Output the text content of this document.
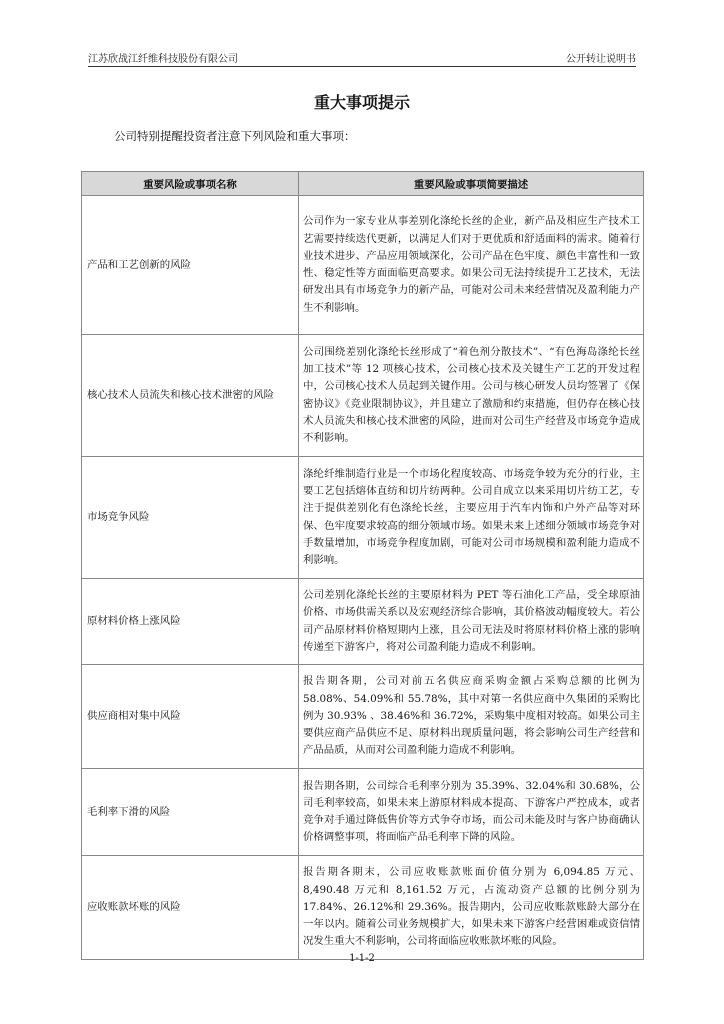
江苏欣战江纤维科技股份有限公司	公开转让说明书
重大事项提示
公司特别提醒投资者注意下列风险和重大事项：
重要风险或事项名称	重要风险或事项简要描述
产品和工艺创新的风险	公司作为一家专业从事差别化涤纶长丝的企业，新产品及相应生产技术工艺需要持续迭代更新，以满足人们对于更优质和舒适面料的需求。随着行业技术进步、产品应用领域深化，公司产品在色牢度、颜色丰富性和一致性、稳定性等方面面临更高要求。如果公司无法持续提升工艺技术，无法研发出具有市场竞争力的新产品，可能对公司未来经营情况及盈利能力产生不利影响。
核心技术人员流失和核心技术泄密的风险	公司围绕差别化涤纶长丝形成了“着色剂分散技术”、“有色海岛涤纶长丝加工技术”等 12 项核心技术，公司核心技术及关键生产工艺的开发过程中，公司核心技术人员起到关键作用。公司与核心研发人员均签署了《保密协议》《竞业限制协议》，并且建立了激励和约束措施，但仍存在核心技术人员流失和核心技术泄密的风险，进而对公司生产经营及市场竞争造成不利影响。
市场竞争风险	涤纶纤维制造行业是一个市场化程度较高、市场竞争较为充分的行业，主要工艺包括熔体直纺和切片纺两种。公司自成立以来采用切片纺工艺，专注于提供差别化有色涤纶长丝，主要应用于汽车内饰和户外产品等对环保、色牢度要求较高的细分领域市场。如果未来上述细分领域市场竞争对手数量增加，市场竞争程度加剧，可能对公司市场规模和盈利能力造成不利影响。
原材料价格上涨风险	公司差别化涤纶长丝的主要原材料为 PET 等石油化工产品，受全球原油价格、市场供需关系以及宏观经济综合影响，其价格波动幅度较大。若公司产品原材料价格短期内上涨，且公司无法及时将原材料价格上涨的影响传递至下游客户，将对公司盈利能力造成不利影响。
供应商相对集中风险	报告期各期，公司对前五名供应商采购金额占采购总额的比例为 58.08%、54.09%和 55.78%，其中对第一名供应商中久集团的采购比例为 30.93% 、38.46%和 36.72%，采购集中度相对较高。如果公司主要供应商产品供应不足、原材料出现质量问题，将会影响公司生产经营和产品品质，从而对公司盈利能力造成不利影响。
毛利率下滑的风险	报告期各期，公司综合毛利率分别为 35.39%、32.04%和 30.68%，公司毛利率较高，如果未来上游原材料成本提高、下游客户严控成本，或者竞争对手通过降低售价等方式争夺市场，而公司未能及时与客户协商确认价格调整事项，将面临产品毛利率下降的风险。
应收账款坏账的风险	报告期各期末，公司应收账款账面价值分别为 6,094.85 万元、8,490.48 万元和 8,161.52 万元，占流动资产总额的比例分别为 17.84%、26.12%和 29.36%。报告期内，公司应收账款账龄大部分在一年以内。随着公司业务规模扩大，如果未来下游客户经营困难或资信情况发生重大不利影响，公司将面临应收账款坏账的风险。
1-1-2
